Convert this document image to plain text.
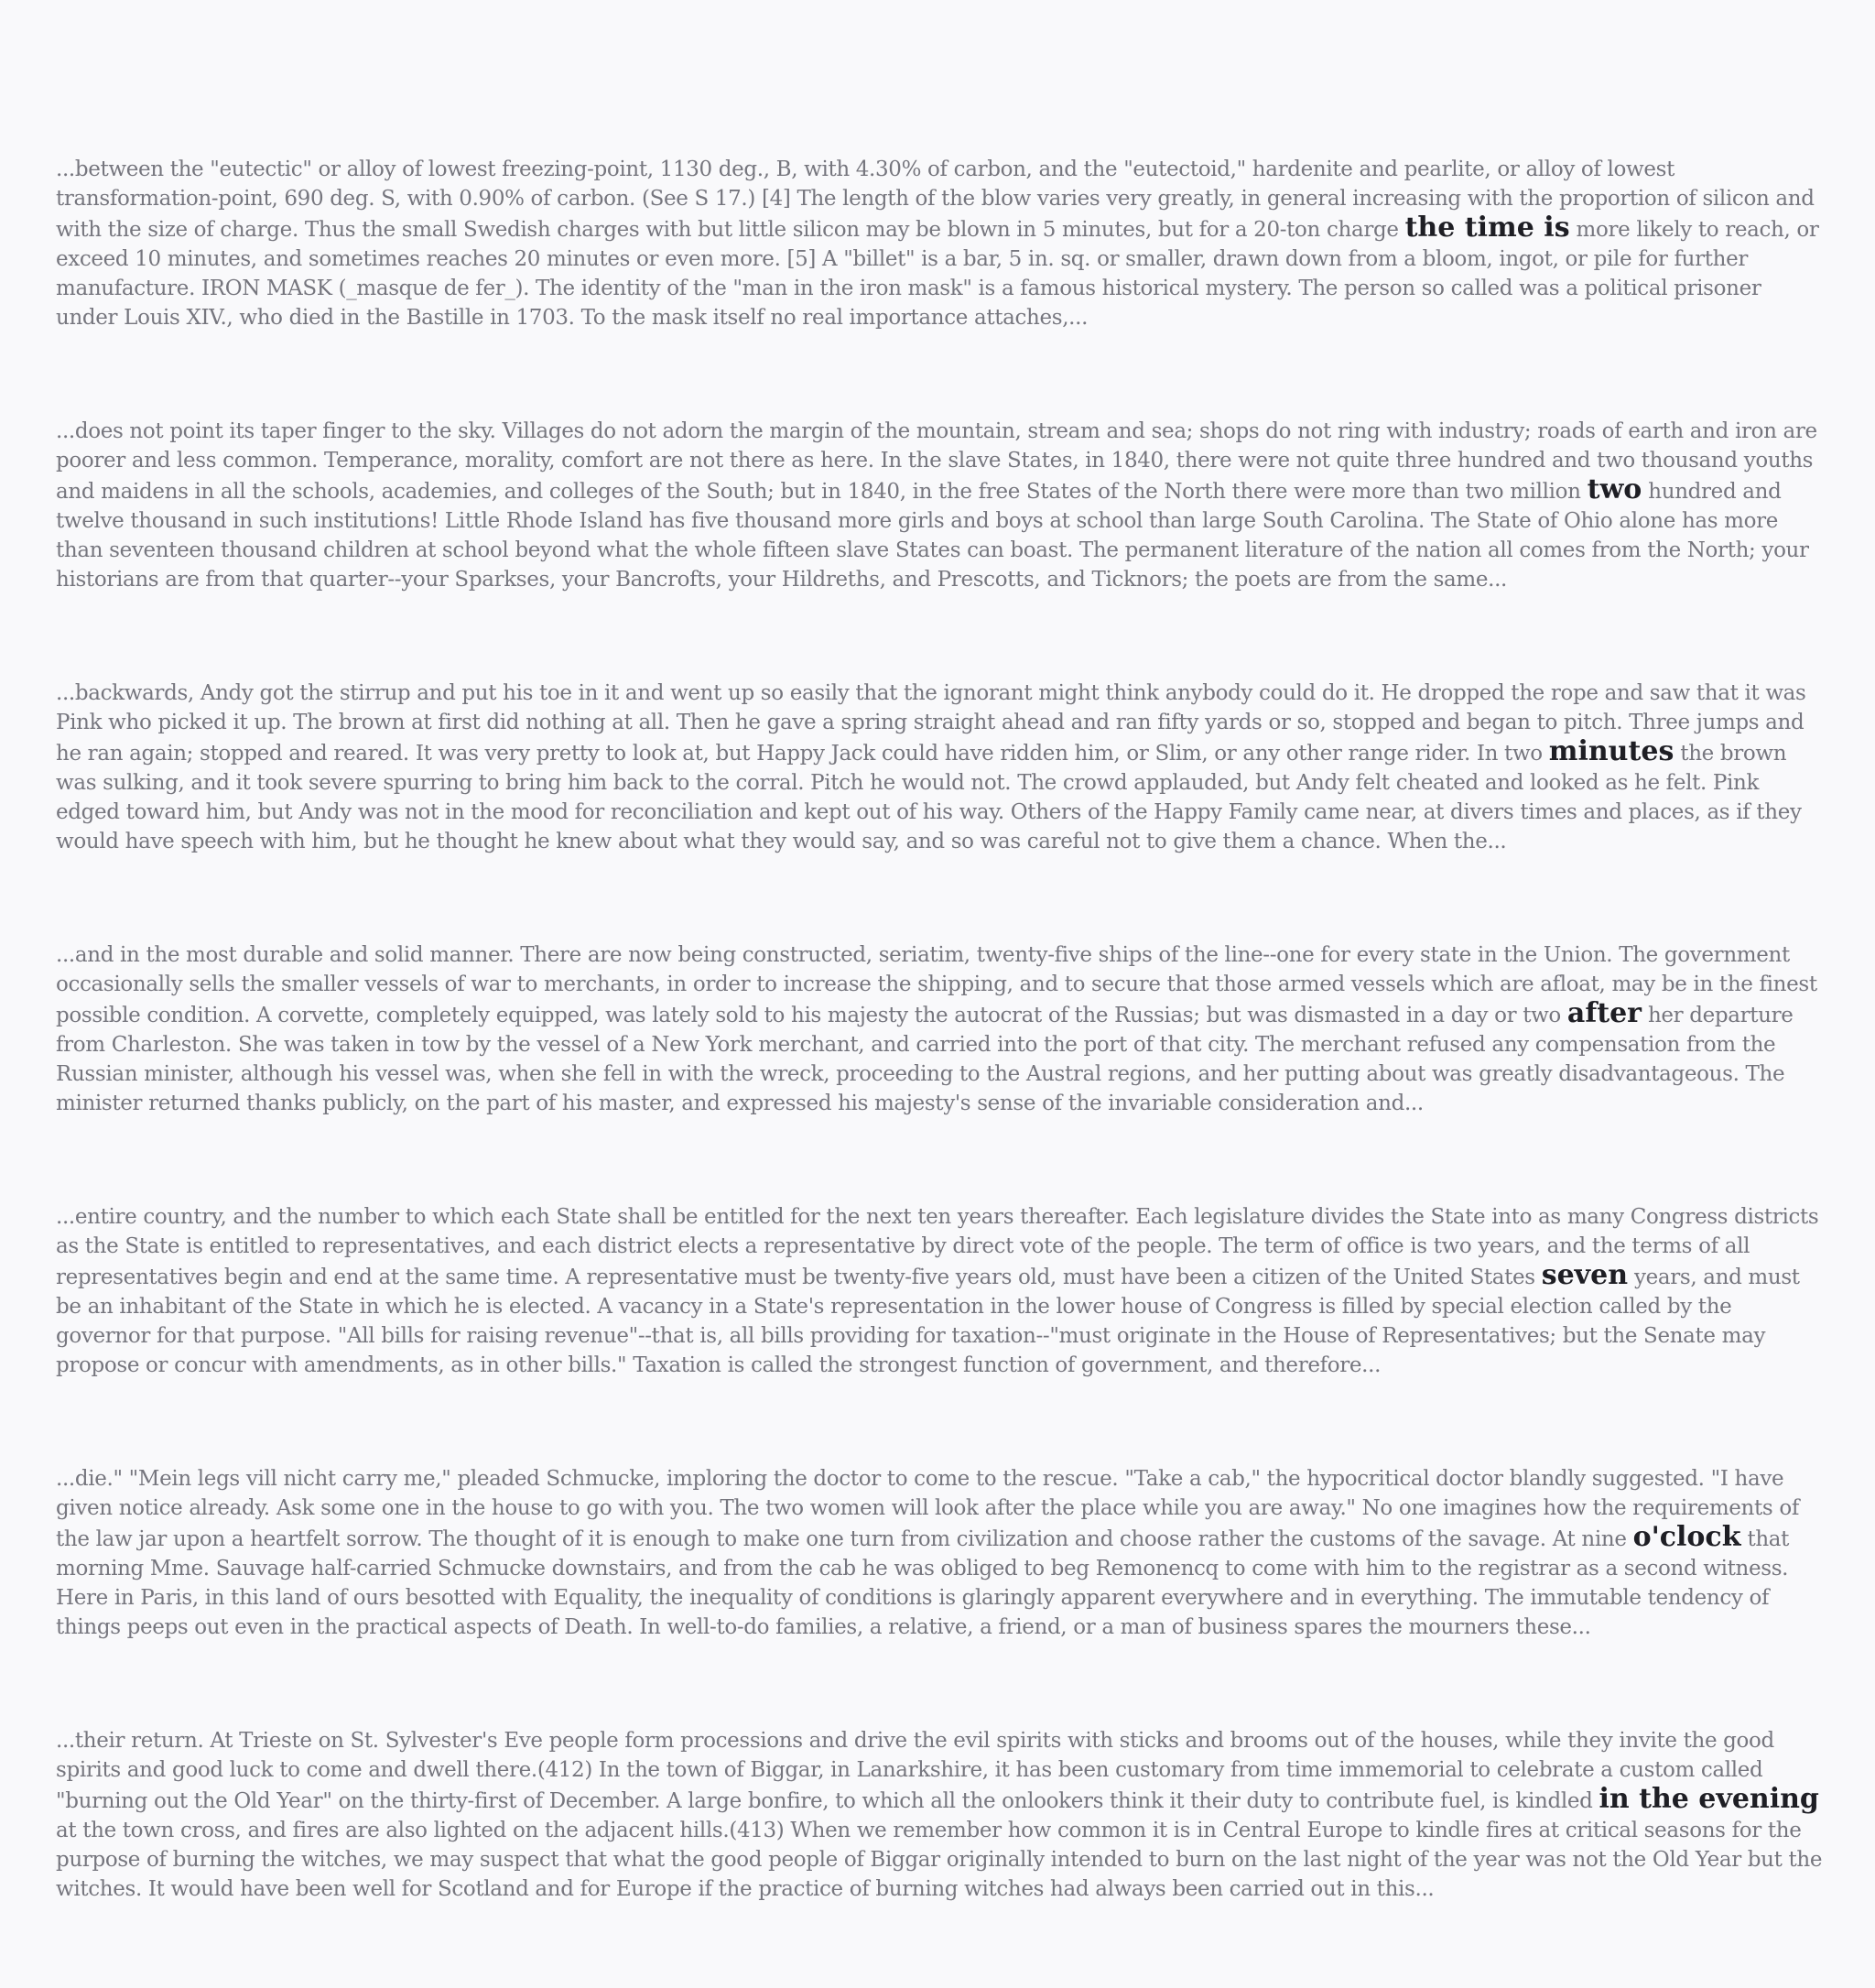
...between the "eutectic" or alloy of lowest freezing-point, 1130 deg., B, with 4.30% of carbon, and the "eutectoid," hardenite and pearlite, or alloy of lowest transformation-point, 690 deg. S, with 0.90% of carbon. (See S 17.) [4] The length of the blow varies very greatly, in general increasing with the proportion of silicon and with the size of charge. Thus the small Swedish charges with but little silicon may be blown in 5 minutes, but for a 20-ton charge the time is more likely to reach, or exceed 10 minutes, and sometimes reaches 20 minutes or even more. [5] A "billet" is a bar, 5 in. sq. or smaller, drawn down from a bloom, ingot, or pile for further manufacture. IRON MASK (_masque de fer_). The identity of the "man in the iron mask" is a famous historical mystery. The person so called was a political prisoner under Louis XIV., who died in the Bastille in 1703. To the mask itself no real importance attaches,...

...does not point its taper finger to the sky. Villages do not adorn the margin of the mountain, stream and sea; shops do not ring with industry; roads of earth and iron are poorer and less common. Temperance, morality, comfort are not there as here. In the slave States, in 1840, there were not quite three hundred and two thousand youths and maidens in all the schools, academies, and colleges of the South; but in 1840, in the free States of the North there were more than two million two hundred and twelve thousand in such institutions! Little Rhode Island has five thousand more girls and boys at school than large South Carolina. The State of Ohio alone has more than seventeen thousand children at school beyond what the whole fifteen slave States can boast. The permanent literature of the nation all comes from the North; your historians are from that quarter--your Sparkses, your Bancrofts, your Hildreths, and Prescotts, and Ticknors; the poets are from the same...

...backwards, Andy got the stirrup and put his toe in it and went up so easily that the ignorant might think anybody could do it. He dropped the rope and saw that it was Pink who picked it up. The brown at first did nothing at all. Then he gave a spring straight ahead and ran fifty yards or so, stopped and began to pitch. Three jumps and he ran again; stopped and reared. It was very pretty to look at, but Happy Jack could have ridden him, or Slim, or any other range rider. In two minutes the brown was sulking, and it took severe spurring to bring him back to the corral. Pitch he would not. The crowd applauded, but Andy felt cheated and looked as he felt. Pink edged toward him, but Andy was not in the mood for reconciliation and kept out of his way. Others of the Happy Family came near, at divers times and places, as if they would have speech with him, but he thought he knew about what they would say, and so was careful not to give them a chance. When the...

...and in the most durable and solid manner. There are now being constructed, seriatim, twenty-five ships of the line--one for every state in the Union. The government occasionally sells the smaller vessels of war to merchants, in order to increase the shipping, and to secure that those armed vessels which are afloat, may be in the finest possible condition. A corvette, completely equipped, was lately sold to his majesty the autocrat of the Russias; but was dismasted in a day or two after her departure from Charleston. She was taken in tow by the vessel of a New York merchant, and carried into the port of that city. The merchant refused any compensation from the Russian minister, although his vessel was, when she fell in with the wreck, proceeding to the Austral regions, and her putting about was greatly disadvantageous. The minister returned thanks publicly, on the part of his master, and expressed his majesty's sense of the invariable consideration and...

...entire country, and the number to which each State shall be entitled for the next ten years thereafter. Each legislature divides the State into as many Congress districts as the State is entitled to representatives, and each district elects a representative by direct vote of the people. The term of office is two years, and the terms of all representatives begin and end at the same time. A representative must be twenty-five years old, must have been a citizen of the United States seven years, and must be an inhabitant of the State in which he is elected. A vacancy in a State's representation in the lower house of Congress is filled by special election called by the governor for that purpose. "All bills for raising revenue"--that is, all bills providing for taxation--"must originate in the House of Representatives; but the Senate may propose or concur with amendments, as in other bills." Taxation is called the strongest function of government, and therefore...

...die." "Mein legs vill nicht carry me," pleaded Schmucke, imploring the doctor to come to the rescue. "Take a cab," the hypocritical doctor blandly suggested. "I have given notice already. Ask some one in the house to go with you. The two women will look after the place while you are away." No one imagines how the requirements of the law jar upon a heartfelt sorrow. The thought of it is enough to make one turn from civilization and choose rather the customs of the savage. At nine o'clock that morning Mme. Sauvage half-carried Schmucke downstairs, and from the cab he was obliged to beg Remonencq to come with him to the registrar as a second witness. Here in Paris, in this land of ours besotted with Equality, the inequality of conditions is glaringly apparent everywhere and in everything. The immutable tendency of things peeps out even in the practical aspects of Death. In well-to-do families, a relative, a friend, or a man of business spares the mourners these...

...their return. At Trieste on St. Sylvester's Eve people form processions and drive the evil spirits with sticks and brooms out of the houses, while they invite the good spirits and good luck to come and dwell there.(412) In the town of Biggar, in Lanarkshire, it has been customary from time immemorial to celebrate a custom called "burning out the Old Year" on the thirty-first of December. A large bonfire, to which all the onlookers think it their duty to contribute fuel, is kindled in the evening at the town cross, and fires are also lighted on the adjacent hills.(413) When we remember how common it is in Central Europe to kindle fires at critical seasons for the purpose of burning the witches, we may suspect that what the good people of Biggar originally intended to burn on the last night of the year was not the Old Year but the witches. It would have been well for Scotland and for Europe if the practice of burning witches had always been carried out in this...
